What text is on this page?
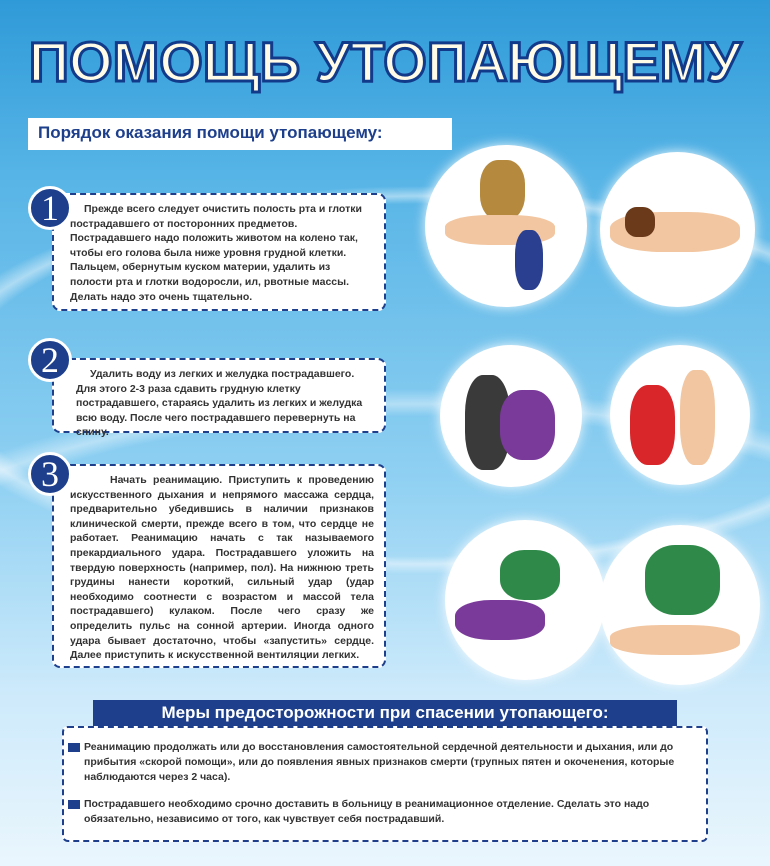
ПОМОЩЬ УТОПАЮЩЕМУ
Порядок оказания помощи утопающему:
Прежде всего следует очистить полость рта и глотки пострадавшего от посторонних предметов. Пострадавшего надо положить животом на колено так, чтобы его голова была ниже уровня грудной клетки. Пальцем, обернутым куском материи, удалить из полости рта и глотки водоросли, ил, рвотные массы. Делать надо это очень тщательно.
1
Удалить воду из легких и желудка пострадавшего. Для этого 2-3 раза сдавить грудную клетку пострадавшего, стараясь удалить из легких и желудка всю воду. После чего пострадавшего перевернуть на спину.
2
Начать реанимацию. Приступить к проведению искусственного дыхания и непрямого массажа сердца, предварительно убедившись в наличии признаков клинической смерти, прежде всего в том, что сердце не работает. Реанимацию начать с так называемого прекардиального удара. Пострадавшего уложить на твердую поверхность (например, пол). На нижнюю треть грудины нанести короткий, сильный удар (удар необходимо соотнести с возрастом и массой тела пострадавшего) кулаком. После чего сразу же определить пульс на сонной артерии. Иногда одного удара бывает достаточно, чтобы «запустить» сердце. Далее приступить к искусственной вентиляции легких.
3
Меры предосторожности при спасении утопающего:

Реанимацию продолжать или до восстановления самостоятельной сердечной деятельности и дыхания, или до прибытия «скорой помощи», или до появления явных признаков смерти (трупных пятен и окоченения, которые наблюдаются через 2 часа).

Пострадавшего необходимо срочно доставить в больницу в реанимационное отделение. Сделать это надо обязательно, независимо от того, как чувствует себя пострадавший.
